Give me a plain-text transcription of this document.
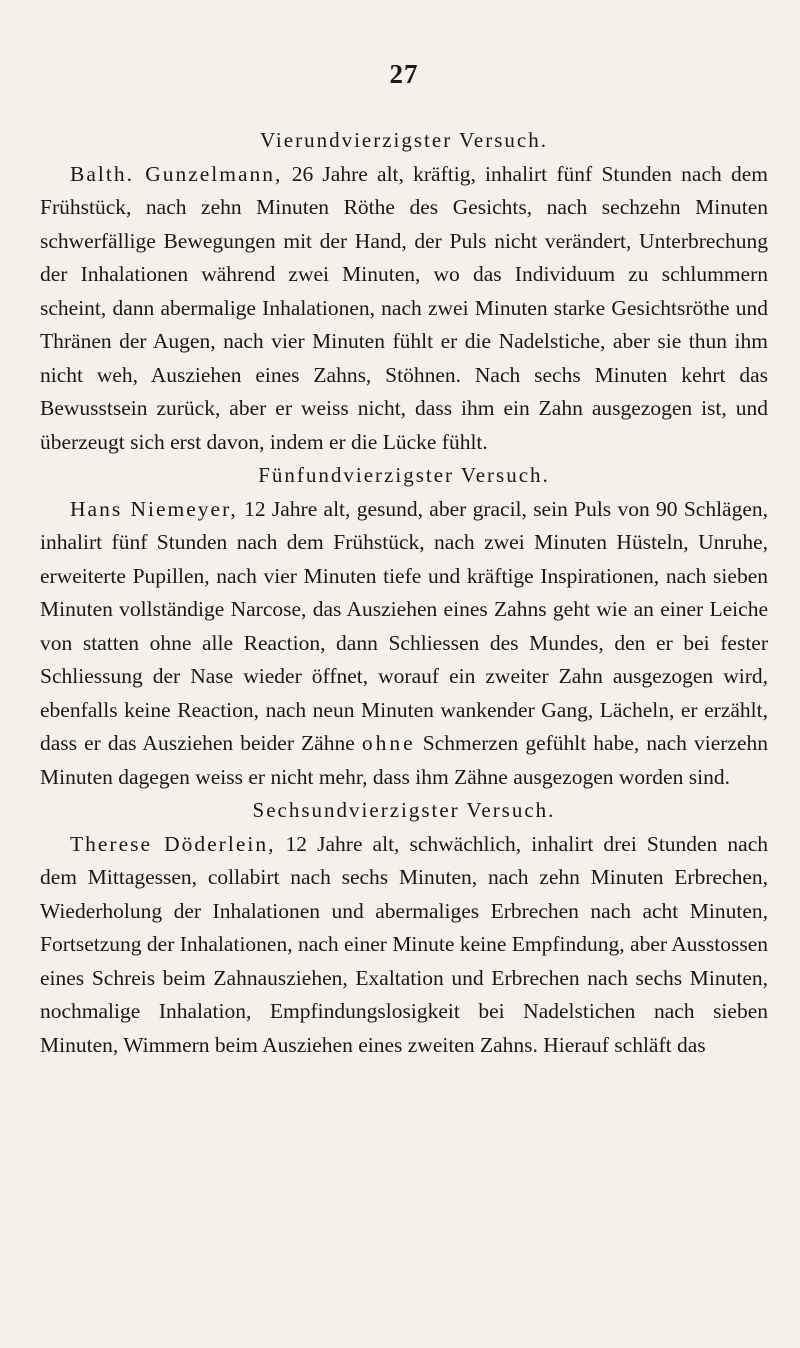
27

Vierundvierzigster Versuch.

Balth. Gunzelmann, 26 Jahre alt, kräftig, inhalirt fünf Stunden nach dem Frühstück, nach zehn Minuten Röthe des Gesichts, nach sechzehn Minuten schwerfällige Bewegungen mit der Hand, der Puls nicht verändert, Unterbrechung der Inhalationen während zwei Minuten, wo das Individuum zu schlummern scheint, dann abermalige Inhalationen, nach zwei Minuten starke Gesichtsröthe und Thränen der Augen, nach vier Minuten fühlt er die Nadelstiche, aber sie thun ihm nicht weh, Ausziehen eines Zahns, Stöhnen. Nach sechs Minuten kehrt das Bewusstsein zurück, aber er weiss nicht, dass ihm ein Zahn ausgezogen ist, und überzeugt sich erst davon, indem er die Lücke fühlt.

Fünfundvierzigster Versuch.

Hans Niemeyer, 12 Jahre alt, gesund, aber gracil, sein Puls von 90 Schlägen, inhalirt fünf Stunden nach dem Frühstück, nach zwei Minuten Hüsteln, Unruhe, erweiterte Pupillen, nach vier Minuten tiefe und kräftige Inspirationen, nach sieben Minuten vollständige Narcose, das Ausziehen eines Zahns geht wie an einer Leiche von statten ohne alle Reaction, dann Schliessen des Mundes, den er bei fester Schliessung der Nase wieder öffnet, worauf ein zweiter Zahn ausgezogen wird, ebenfalls keine Reaction, nach neun Minuten wankender Gang, Lächeln, er erzählt, dass er das Ausziehen beider Zähne ohne Schmerzen gefühlt habe, nach vierzehn Minuten dagegen weiss er nicht mehr, dass ihm Zähne ausgezogen worden sind.

Sechsundvierzigster Versuch.

Therese Döderlein, 12 Jahre alt, schwächlich, inhalirt drei Stunden nach dem Mittagessen, collabirt nach sechs Minuten, nach zehn Minuten Erbrechen, Wiederholung der Inhalationen und abermaliges Erbrechen nach acht Minuten, Fortsetzung der Inhalationen, nach einer Minute keine Empfindung, aber Ausstossen eines Schreis beim Zahnausziehen, Exaltation und Erbrechen nach sechs Minuten, nochmalige Inhalation, Empfindungslosigkeit bei Nadelstichen nach sieben Minuten, Wimmern beim Ausziehen eines zweiten Zahns. Hierauf schläft das
